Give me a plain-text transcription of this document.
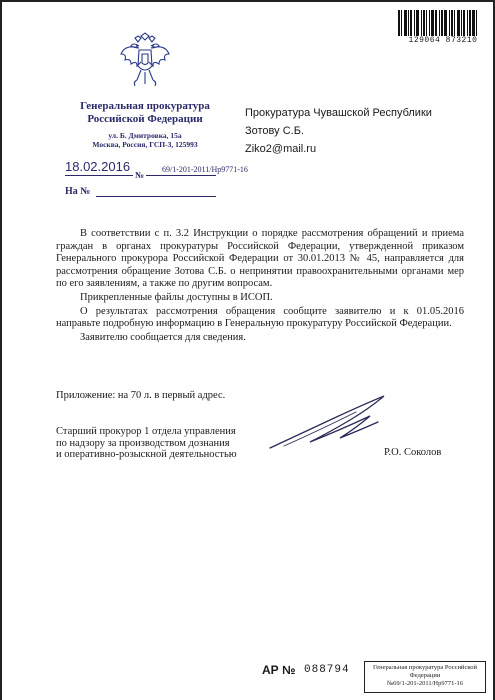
129064 873210
Генеральная прокуратура
Российской Федерации
ул. Б. Дмитровка, 15а
Москва, Россия, ГСП-3, 125993
18.02.2016
№
69/1-201-2011/Нр9771-16
На №
Прокуратура Чувашской Республики
Зотову С.Б.
Ziko2@mail.ru

В соответствии с п. 3.2 Инструкции о порядке рассмотрения обращений и приема граждан в органах прокуратуры Российской Федерации, утвержденной приказом Генерального прокурора Российской Федерации от 30.01.2013 № 45, направляется для рассмотрения обращение Зотова С.Б. о непринятии правоохранительными органами мер по его заявлениям, а также по другим вопросам.

Прикрепленные файлы доступны в ИСОП.

О результатах рассмотрения обращения сообщите заявителю и к 01.05.2016 направьте подробную информацию в Генеральную прокуратуру Российской Федерации.

Заявителю сообщается для сведения.

Приложение: на 70 л. в первый адрес.
Старший прокурор 1 отдела управления
по надзору за производством дознания
и оперативно-розыскной деятельностью	Р.О. Соколов
АР № 088794	Генеральная прокуратура Российской
Федерации
№69/1-201-2011/Нр9771-16
